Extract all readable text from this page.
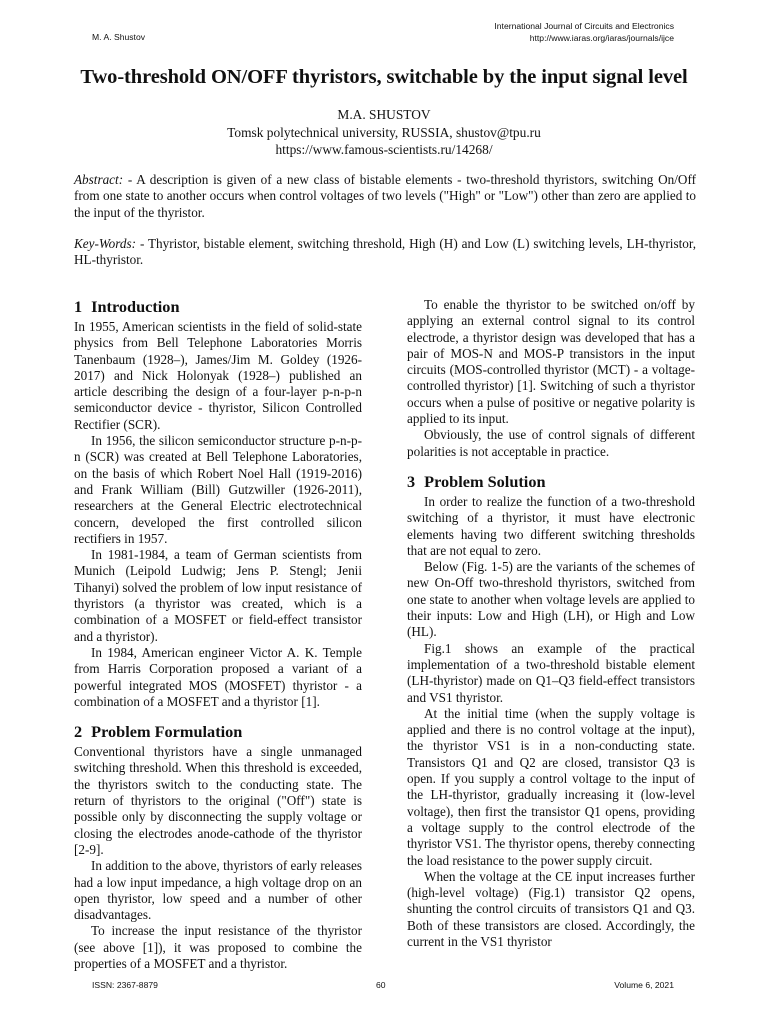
M. A. Shustov
International Journal of Circuits and Electronics
http://www.iaras.org/iaras/journals/ijce
Two-threshold ON/OFF thyristors, switchable by the input signal level
M.A. SHUSTOV
Tomsk polytechnical university, RUSSIA, shustov@tpu.ru
https://www.famous-scientists.ru/14268/
Abstract: - A description is given of a new class of bistable elements - two-threshold thyristors, switching On/Off from one state to another occurs when control voltages of two levels ("High" or "Low") other than zero are applied to the input of the thyristor.
Key-Words: - Thyristor, bistable element, switching threshold, High (H) and Low (L) switching levels, LH-thyristor, HL-thyristor.
1 Introduction

In 1955, American scientists in the field of solid-state physics from Bell Telephone Laboratories Morris Tanenbaum (1928–), James/Jim M. Goldey (1926-2017) and Nick Holonyak (1928–) published an article describing the design of a four-layer p-n-p-n semiconductor device - thyristor, Silicon Controlled Rectifier (SCR).

In 1956, the silicon semiconductor structure p-n-p-n (SCR) was created at Bell Telephone Laboratories, on the basis of which Robert Noel Hall (1919-2016) and Frank William (Bill) Gutzwiller (1926-2011), researchers at the General Electric electrotechnical concern, developed the first controlled silicon rectifiers in 1957.

In 1981-1984, a team of German scientists from Munich (Leipold Ludwig; Jens P. Stengl; Jenii Tihanyi) solved the problem of low input resistance of thyristors (a thyristor was created, which is a combination of a MOSFET or field-effect transistor and a thyristor).

In 1984, American engineer Victor A. K. Temple from Harris Corporation proposed a variant of a powerful integrated MOS (MOSFET) thyristor - a combination of a MOSFET and a thyristor [1].

2 Problem Formulation

Conventional thyristors have a single unmanaged switching threshold. When this threshold is exceeded, the thyristors switch to the conducting state. The return of thyristors to the original ("Off") state is possible only by disconnecting the supply voltage or closing the electrodes anode-cathode of the thyristor [2-9].

In addition to the above, thyristors of early releases had a low input impedance, a high voltage drop on an open thyristor, low speed and a number of other disadvantages.

To increase the input resistance of the thyristor (see above [1]), it was proposed to combine the properties of a MOSFET and a thyristor.

To enable the thyristor to be switched on/off by applying an external control signal to its control electrode, a thyristor design was developed that has a pair of MOS-N and MOS-P transistors in the input circuits (MOS-controlled thyristor (MCT) - a voltage-controlled thyristor) [1]. Switching of such a thyristor occurs when a pulse of positive or negative polarity is applied to its input.

Obviously, the use of control signals of different polarities is not acceptable in practice.

3 Problem Solution

In order to realize the function of a two-threshold switching of a thyristor, it must have electronic elements having two different switching thresholds that are not equal to zero.

Below (Fig. 1-5) are the variants of the schemes of new On-Off two-threshold thyristors, switched from one state to another when voltage levels are applied to their inputs: Low and High (LH), or High and Low (HL).

Fig.1 shows an example of the practical implementation of a two-threshold bistable element (LH-thyristor) made on Q1–Q3 field-effect transistors and VS1 thyristor.

At the initial time (when the supply voltage is applied and there is no control voltage at the input), the thyristor VS1 is in a non-conducting state. Transistors Q1 and Q2 are closed, transistor Q3 is open. If you supply a control voltage to the input of the LH-thyristor, gradually increasing it (low-level voltage), then first the transistor Q1 opens, providing a voltage supply to the control electrode of the thyristor VS1. The thyristor opens, thereby connecting the load resistance to the power supply circuit.

When the voltage at the CE input increases further (high-level voltage) (Fig.1) transistor Q2 opens, shunting the control circuits of transistors Q1 and Q3. Both of these transistors are closed. Accordingly, the current in the VS1 thyristor

ISSN: 2367-8879	60	Volume 6, 2021
